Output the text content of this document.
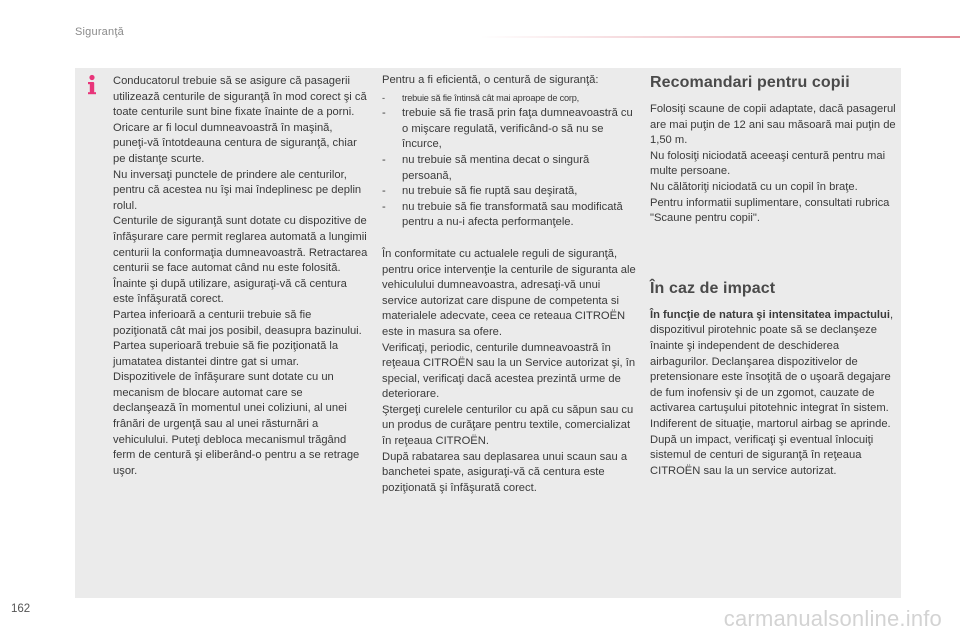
Siguranţă

Conducatorul trebuie să se asigure că pasagerii utilizează centurile de siguranţă în mod corect şi că toate centurile sunt bine fixate înainte de a porni.

Oricare ar fi locul dumneavoastră în maşină, puneţi-vă întotdeauna centura de siguranţă, chiar pe distanţe scurte.

Nu inversaţi punctele de prindere ale centurilor, pentru că acestea nu îşi mai îndeplinesc pe deplin rolul.

Centurile de siguranţă sunt dotate cu dispozitive de înfăşurare care permit reglarea automată a lungimii centurii la conformaţia dumneavoastră. Retractarea centurii se face automat când nu este folosită.

Înainte şi după utilizare, asiguraţi-vă că centura este înfăşurată corect.

Partea inferioară a centurii trebuie să fie poziţionată cât mai jos posibil, deasupra bazinului.

Partea superioară trebuie să fie poziţionată la jumatatea distantei dintre gat si umar.

Dispozitivele de înfăşurare sunt dotate cu un mecanism de blocare automat care se declanşează în momentul unei coliziuni, al unei frânări de urgenţă sau al unei răsturnări a vehiculului. Puteţi debloca mecanismul trăgând ferm de centură şi eliberând-o pentru a se retrage uşor.

Pentru a fi eficientă, o centură de siguranţă:

- trebuie să fie întinsă cât mai aproape de corp,
- trebuie să fie trasă prin faţa dumneavoastră cu o mişcare regulată, verificând-o să nu se încurce,
- nu trebuie să mentina decat o singură persoană,
- nu trebuie să fie ruptă sau deşirată,
- nu trebuie să fie transformată sau modificată pentru a nu-i afecta performanţele.

În conformitate cu actualele reguli de siguranţă, pentru orice intervenţie la centurile de siguranta ale vehiculului dumneavoastra, adresaţi-vă unui service autorizat care dispune de competenta si materialele adecvate, ceea ce reteaua CITROËN este in masura sa ofere.

Verificaţi, periodic, centurile dumneavoastră în reţeaua CITROËN sau la un Service autorizat şi, în special, verificaţi dacă acestea prezintă urme de deteriorare.

Ştergeţi curelele centurilor cu apă cu săpun sau cu un produs de curăţare pentru textile, comercializat în reţeaua CITROËN.

După rabatarea sau deplasarea unui scaun sau a banchetei spate, asiguraţi-vă că centura este poziţionată şi înfăşurată corect.

Recomandari pentru copii

Folosiţi scaune de copii adaptate, dacă pasagerul are mai puţin de 12 ani sau măsoară mai puţin de 1,50 m.

Nu folosiţi niciodată aceeaşi centură pentru mai multe persoane.

Nu călătoriţi niciodată cu un copil în braţe.

Pentru informatii suplimentare, consultati rubrica "Scaune pentru copii".

În caz de impact

În funcţie de natura şi intensitatea impactului, dispozitivul pirotehnic poate să se declanşeze înainte şi independent de deschiderea airbagurilor. Declanşarea dispozitivelor de pretensionare este însoţită de o uşoară degajare de fum inofensiv şi de un zgomot, cauzate de activarea cartuşului pitotehnic integrat în sistem.

Indiferent de situaţie, martorul airbag se aprinde.

După un impact, verificaţi şi eventual înlocuiţi sistemul de centuri de siguranţă în reţeaua CITROËN sau la un service autorizat.

162	carmanualsonline.info
